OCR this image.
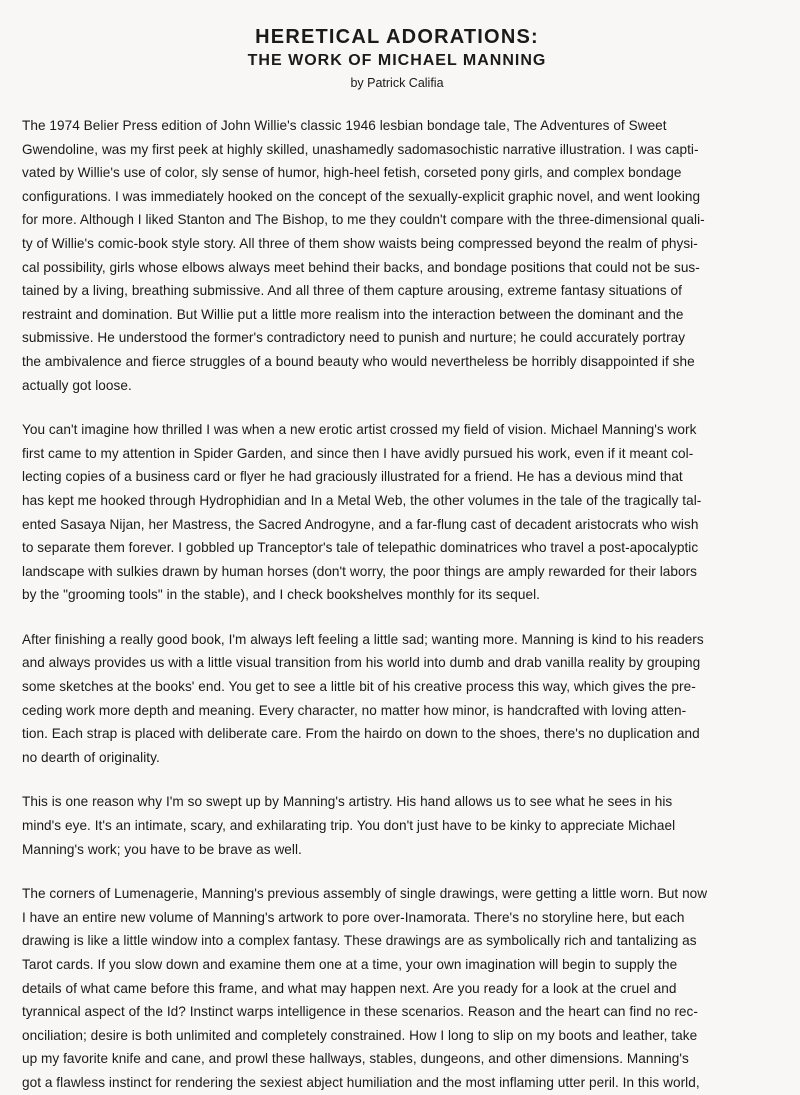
HERETICAL ADORATIONS:
THE WORK OF MICHAEL MANNING
by Patrick Califia

The 1974 Belier Press edition of John Willie's classic 1946 lesbian bondage tale, The Adventures of Sweet
Gwendoline, was my first peek at highly skilled, unashamedly sadomasochistic narrative illustration. I was capti-
vated by Willie's use of color, sly sense of humor, high-heel fetish, corseted pony girls, and complex bondage
configurations. I was immediately hooked on the concept of the sexually-explicit graphic novel, and went looking
for more. Although I liked Stanton and The Bishop, to me they couldn't compare with the three-dimensional quali-
ty of Willie's comic-book style story. All three of them show waists being compressed beyond the realm of physi-
cal possibility, girls whose elbows always meet behind their backs, and bondage positions that could not be sus-
tained by a living, breathing submissive. And all three of them capture arousing, extreme fantasy situations of
restraint and domination. But Willie put a little more realism into the interaction between the dominant and the
submissive. He understood the former's contradictory need to punish and nurture; he could accurately portray
the ambivalence and fierce struggles of a bound beauty who would nevertheless be horribly disappointed if she
actually got loose.

You can't imagine how thrilled I was when a new erotic artist crossed my field of vision. Michael Manning's work
first came to my attention in Spider Garden, and since then I have avidly pursued his work, even if it meant col-
lecting copies of a business card or flyer he had graciously illustrated for a friend. He has a devious mind that
has kept me hooked through Hydrophidian and In a Metal Web, the other volumes in the tale of the tragically tal-
ented Sasaya Nijan, her Mastress, the Sacred Androgyne, and a far-flung cast of decadent aristocrats who wish
to separate them forever. I gobbled up Tranceptor's tale of telepathic dominatrices who travel a post-apocalyptic
landscape with sulkies drawn by human horses (don't worry, the poor things are amply rewarded for their labors
by the "grooming tools" in the stable), and I check bookshelves monthly for its sequel.

After finishing a really good book, I'm always left feeling a little sad; wanting more. Manning is kind to his readers
and always provides us with a little visual transition from his world into dumb and drab vanilla reality by grouping
some sketches at the books' end. You get to see a little bit of his creative process this way, which gives the pre-
ceding work more depth and meaning. Every character, no matter how minor, is handcrafted with loving atten-
tion. Each strap is placed with deliberate care. From the hairdo on down to the shoes, there's no duplication and
no dearth of originality.

This is one reason why I'm so swept up by Manning's artistry. His hand allows us to see what he sees in his
mind's eye. It's an intimate, scary, and exhilarating trip. You don't just have to be kinky to appreciate Michael
Manning's work; you have to be brave as well.

The corners of Lumenagerie, Manning's previous assembly of single drawings, were getting a little worn. But now
I have an entire new volume of Manning's artwork to pore over-Inamorata. There's no storyline here, but each
drawing is like a little window into a complex fantasy. These drawings are as symbolically rich and tantalizing as
Tarot cards. If you slow down and examine them one at a time, your own imagination will begin to supply the
details of what came before this frame, and what may happen next. Are you ready for a look at the cruel and
tyrannical aspect of the Id? Instinct warps intelligence in these scenarios. Reason and the heart can find no rec-
onciliation; desire is both unlimited and completely constrained. How I long to slip on my boots and leather, take
up my favorite knife and cane, and prowl these hallways, stables, dungeons, and other dimensions. Manning's
got a flawless instinct for rendering the sexiest abject humiliation and the most inflaming utter peril. In this world,
